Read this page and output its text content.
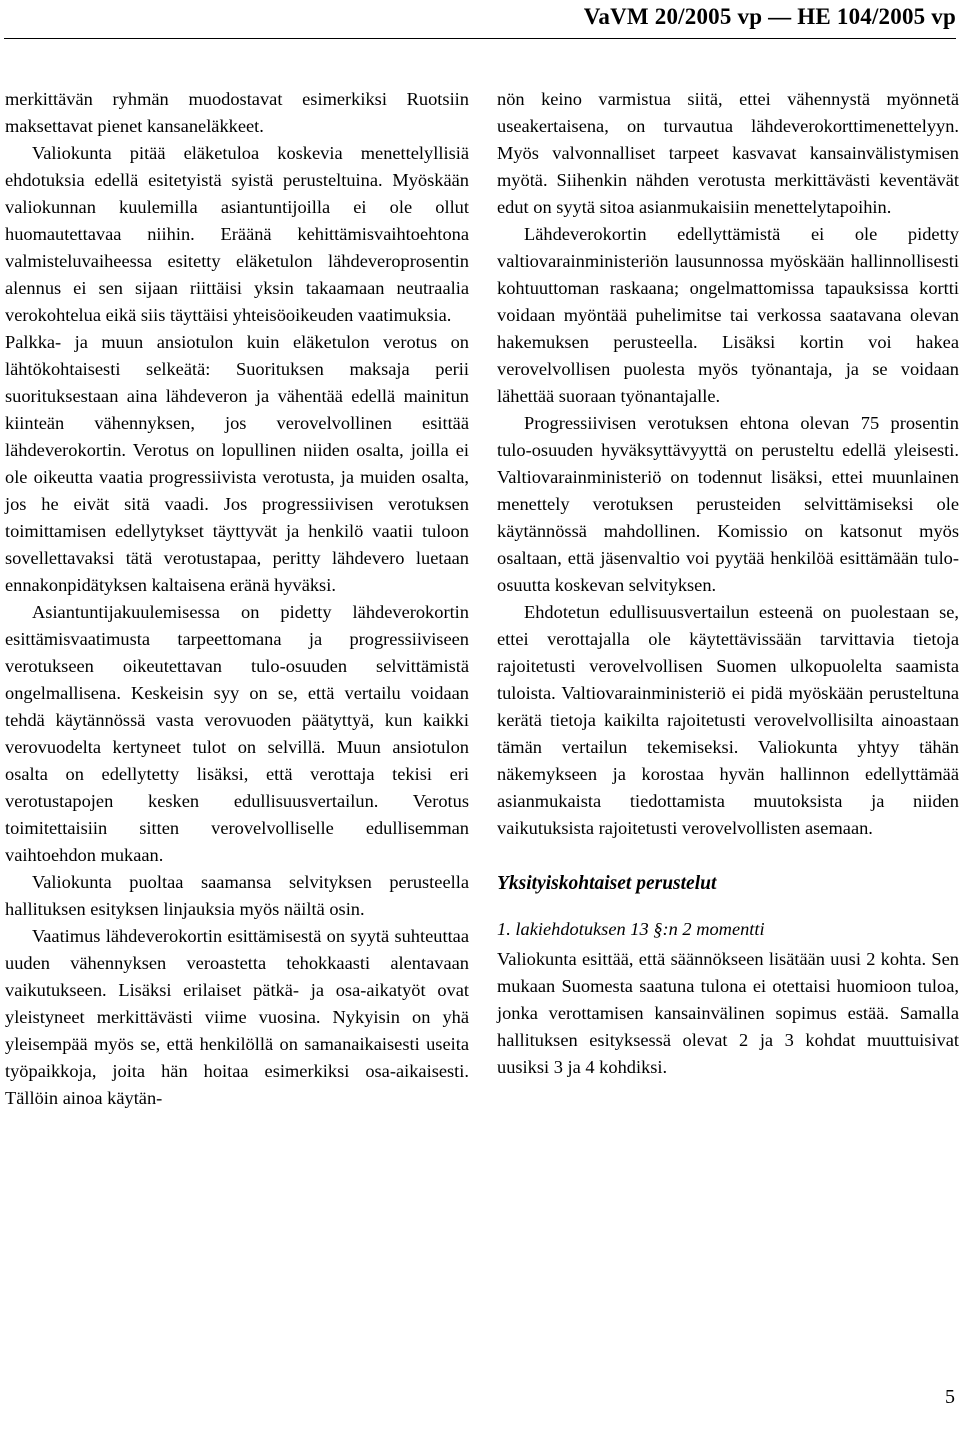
VaVM 20/2005 vp — HE 104/2005 vp

merkittävän ryhmän muodostavat esimerkiksi Ruotsiin maksettavat pienet kansaneläkkeet.

Valiokunta pitää eläketuloa koskevia menettelyllisiä ehdotuksia edellä esitetyistä syistä perusteltuina. Myöskään valiokunnan kuulemilla asiantuntijoilla ei ole ollut huomautettavaa niihin. Eräänä kehittämisvaihtoehtona valmisteluvaiheessa esitetty eläketulon lähdeveroprosentin alennus ei sen sijaan riittäisi yksin takaamaan neutraalia verokohtelua eikä siis täyttäisi yhteisöoikeuden vaatimuksia.

Palkka- ja muun ansiotulon kuin eläketulon verotus on lähtökohtaisesti selkeätä: Suorituksen maksaja perii suorituksestaan aina lähdeveron ja vähentää edellä mainitun kiinteän vähennyksen, jos verovelvollinen esittää lähdeverokortin. Verotus on lopullinen niiden osalta, joilla ei ole oikeutta vaatia progressiivista verotusta, ja muiden osalta, jos he eivät sitä vaadi. Jos progressiivisen verotuksen toimittamisen edellytykset täyttyvät ja henkilö vaatii tuloon sovellettavaksi tätä verotustapaa, peritty lähdevero luetaan ennakonpidätyksen kaltaisena eränä hyväksi.

Asiantuntijakuulemisessa on pidetty lähdeverokortin esittämisvaatimusta tarpeettomana ja progressiiviseen verotukseen oikeutettavan tulo-osuuden selvittämistä ongelmallisena. Keskeisin syy on se, että vertailu voidaan tehdä käytännössä vasta verovuoden päätyttyä, kun kaikki verovuodelta kertyneet tulot on selvillä. Muun ansiotulon osalta on edellytetty lisäksi, että verottaja tekisi eri verotustapojen kesken edullisuusvertailun. Verotus toimitettaisiin sitten verovelvolliselle edullisemman vaihtoehdon mukaan.

Valiokunta puoltaa saamansa selvityksen perusteella hallituksen esityksen linjauksia myös näiltä osin.

Vaatimus lähdeverokortin esittämisestä on syytä suhteuttaa uuden vähennyksen veroastetta tehokkaasti alentavaan vaikutukseen. Lisäksi erilaiset pätkä- ja osa-aikatyöt ovat yleistyneet merkittävästi viime vuosina. Nykyisin on yhä yleisempää myös se, että henkilöllä on samanaikaisesti useita työpaikkoja, joita hän hoitaa esimerkiksi osa-aikaisesti. Tällöin ainoa käytän-

nön keino varmistua siitä, ettei vähennystä myönnetä useakertaisena, on turvautua lähdeverokorttimenettelyyn. Myös valvonnalliset tarpeet kasvavat kansainvälistymisen myötä. Siihenkin nähden verotusta merkittävästi keventävät edut on syytä sitoa asianmukaisiin menettelytapoihin.

Lähdeverokortin edellyttämistä ei ole pidetty valtiovarainministeriön lausunnossa myöskään hallinnollisesti kohtuuttoman raskaana; ongelmattomissa tapauksissa kortti voidaan myöntää puhelimitse tai verkossa saatavana olevan hakemuksen perusteella. Lisäksi kortin voi hakea verovelvollisen puolesta myös työnantaja, ja se voidaan lähettää suoraan työnantajalle.

Progressiivisen verotuksen ehtona olevan 75 prosentin tulo-osuuden hyväksyttävyyttä on perusteltu edellä yleisesti. Valtiovarainministeriö on todennut lisäksi, ettei muunlainen menettely verotuksen perusteiden selvittämiseksi ole käytännössä mahdollinen. Komissio on katsonut myös osaltaan, että jäsenvaltio voi pyytää henkilöä esittämään tulo-osuutta koskevan selvityksen.

Ehdotetun edullisuusvertailun esteenä on puolestaan se, ettei verottajalla ole käytettävissään tarvittavia tietoja rajoitetusti verovelvollisen Suomen ulkopuolelta saamista tuloista. Valtiovarainministeriö ei pidä myöskään perusteltuna kerätä tietoja kaikilta rajoitetusti verovelvollisilta ainoastaan tämän vertailun tekemiseksi. Valiokunta yhtyy tähän näkemykseen ja korostaa hyvän hallinnon edellyttämää asianmukaista tiedottamista muutoksista ja niiden vaikutuksista rajoitetusti verovelvollisten asemaan.

Yksityiskohtaiset perustelut
1. lakiehdotuksen 13 §:n 2 momentti

Valiokunta esittää, että säännökseen lisätään uusi 2 kohta. Sen mukaan Suomesta saatuna tulona ei otettaisi huomioon tuloa, jonka verottamisen kansainvälinen sopimus estää. Samalla hallituksen esityksessä olevat 2 ja 3 kohdat muuttuisivat uusiksi 3 ja 4 kohdiksi.

5
